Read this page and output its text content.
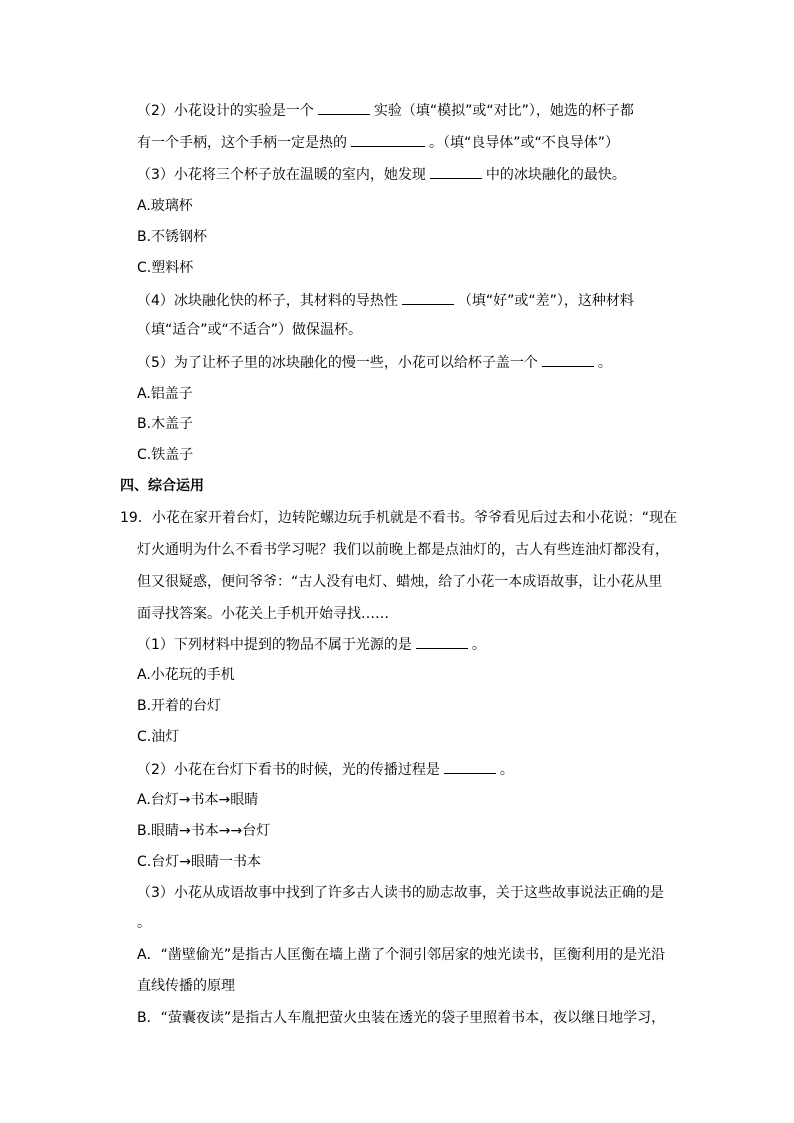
（2）小花设计的实验是一个	实验（填“模拟”或“对比”），她选的杯子都
有一个手柄，这个手柄一定是热的	。（填“良导体”或“不良导体”）
（3）小花将三个杯子放在温暖的室内，她发现	中的冰块融化的最快。
A.玻璃杯
B.不锈钢杯
C.塑料杯
（4）冰块融化快的杯子，其材料的导热性	（填“好”或“差”），这种材料
（填“适合”或“不适合”）做保温杯。
（5）为了让杯子里的冰块融化的慢一些，小花可以给杯子盖一个	。
A.铝盖子
B.木盖子
C.铁盖子
四、综合运用
19．小花在家开着台灯，边转陀螺边玩手机就是不看书。爷爷看见后过去和小花说：“现在
灯火通明为什么不看书学习呢？我们以前晚上都是点油灯的，古人有些连油灯都没有，
但又很疑惑，便问爷爷：“古人没有电灯、蜡烛，给了小花一本成语故事，让小花从里
面寻找答案。小花关上手机开始寻找……
（1）下列材料中提到的物品不属于光源的是	。
A.小花玩的手机
B.开着的台灯
C.油灯
（2）小花在台灯下看书的时候，光的传播过程是	。
A.台灯→书本→眼睛
B.眼睛→书本→→台灯
C.台灯→眼睛一书本
（3）小花从成语故事中找到了许多古人读书的励志故事，关于这些故事说法正确的是
。
A．“凿壁偷光”是指古人匡衡在墙上凿了个洞引邻居家的烛光读书，匡衡利用的是光沿
直线传播的原理
B．“萤囊夜读”是指古人车胤把萤火虫装在透光的袋子里照着书本，夜以继日地学习，
